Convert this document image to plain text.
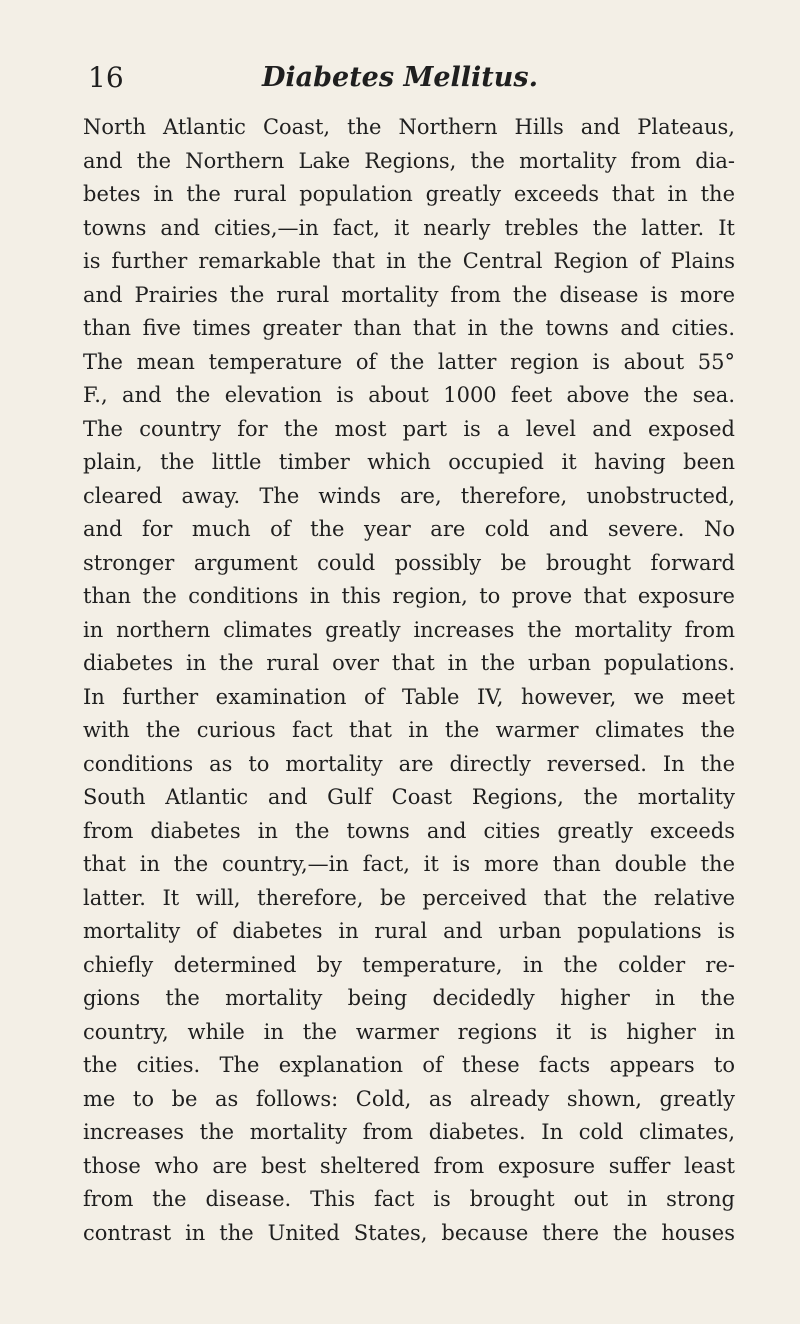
16	Diabetes Mellitus.
North Atlantic Coast, the Northern Hills and Plateaus,
and the Northern Lake Regions, the mortality from dia-
betes in the rural population greatly exceeds that in the
towns and cities,—in fact, it nearly trebles the latter. It
is further remarkable that in the Central Region of Plains
and Prairies the rural mortality from the disease is more
than five times greater than that in the towns and cities.
The mean temperature of the latter region is about 55°
F., and the elevation is about 1000 feet above the sea.
The country for the most part is a level and exposed
plain, the little timber which occupied it having been
cleared away. The winds are, therefore, unobstructed,
and for much of the year are cold and severe. No
stronger argument could possibly be brought forward
than the conditions in this region, to prove that exposure
in northern climates greatly increases the mortality from
diabetes in the rural over that in the urban populations.
In further examination of Table IV, however, we meet
with the curious fact that in the warmer climates the
conditions as to mortality are directly reversed. In the
South Atlantic and Gulf Coast Regions, the mortality
from diabetes in the towns and cities greatly exceeds
that in the country,—in fact, it is more than double the
latter. It will, therefore, be perceived that the relative
mortality of diabetes in rural and urban populations is
chiefly determined by temperature, in the colder re-
gions the mortality being decidedly higher in the
country, while in the warmer regions it is higher in
the cities. The explanation of these facts appears to
me to be as follows: Cold, as already shown, greatly
increases the mortality from diabetes. In cold climates,
those who are best sheltered from exposure suffer least
from the disease. This fact is brought out in strong
contrast in the United States, because there the houses
